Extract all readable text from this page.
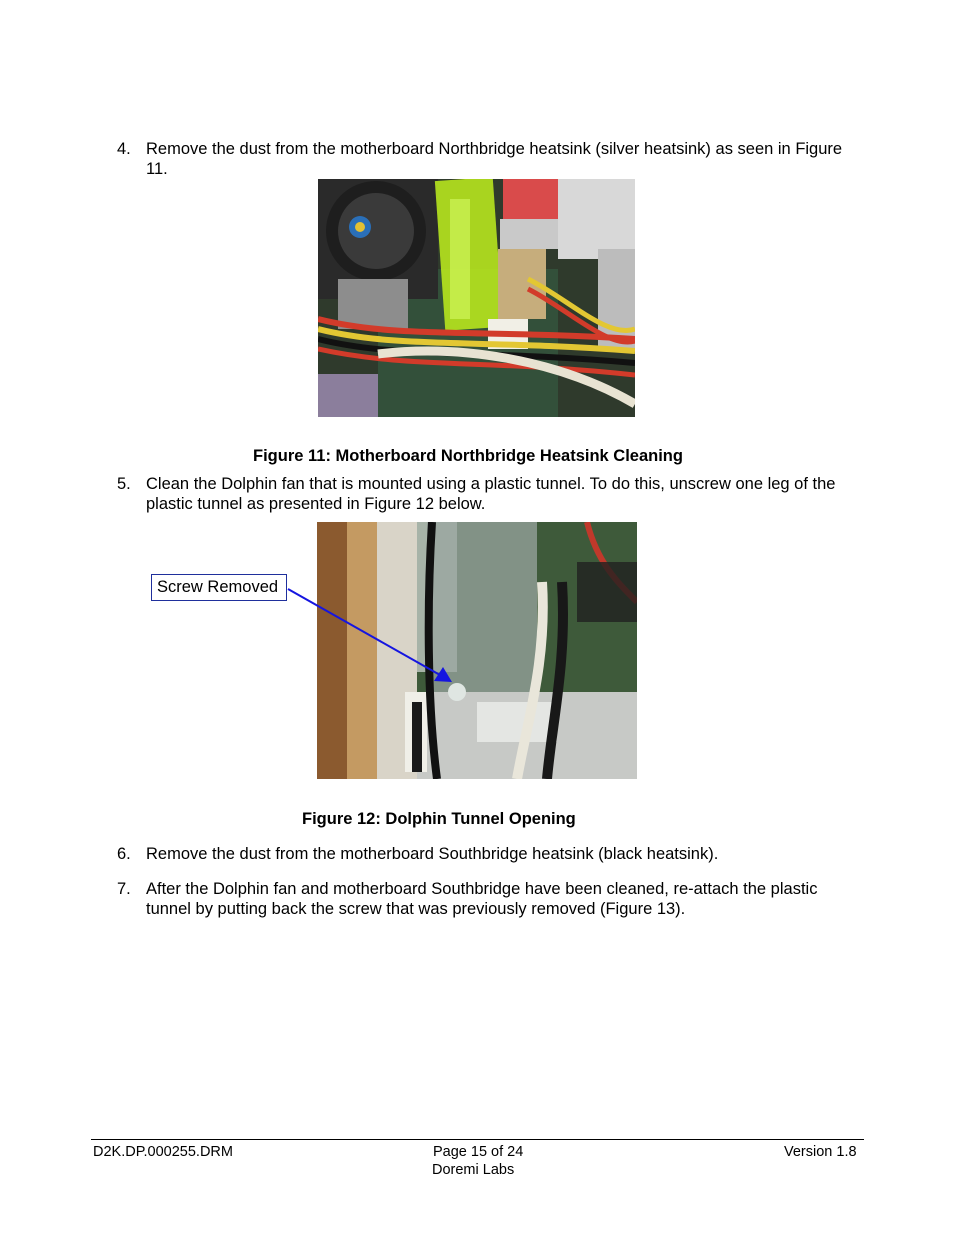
4. Remove the dust from the motherboard Northbridge heatsink (silver heatsink) as seen in Figure 11.
Figure 11: Motherboard Northbridge Heatsink Cleaning
5. Clean the Dolphin fan that is mounted using a plastic tunnel. To do this, unscrew one leg of the plastic tunnel as presented in Figure 12 below.
Screw Removed
Figure 12: Dolphin Tunnel Opening
6. Remove the dust from the motherboard Southbridge heatsink (black heatsink).
7. After the Dolphin fan and motherboard Southbridge have been cleaned, re-attach the plastic tunnel by putting back the screw that was previously removed (Figure 13).
D2K.DP.000255.DRM	Page 15 of 24
Doremi Labs
Version 1.8
